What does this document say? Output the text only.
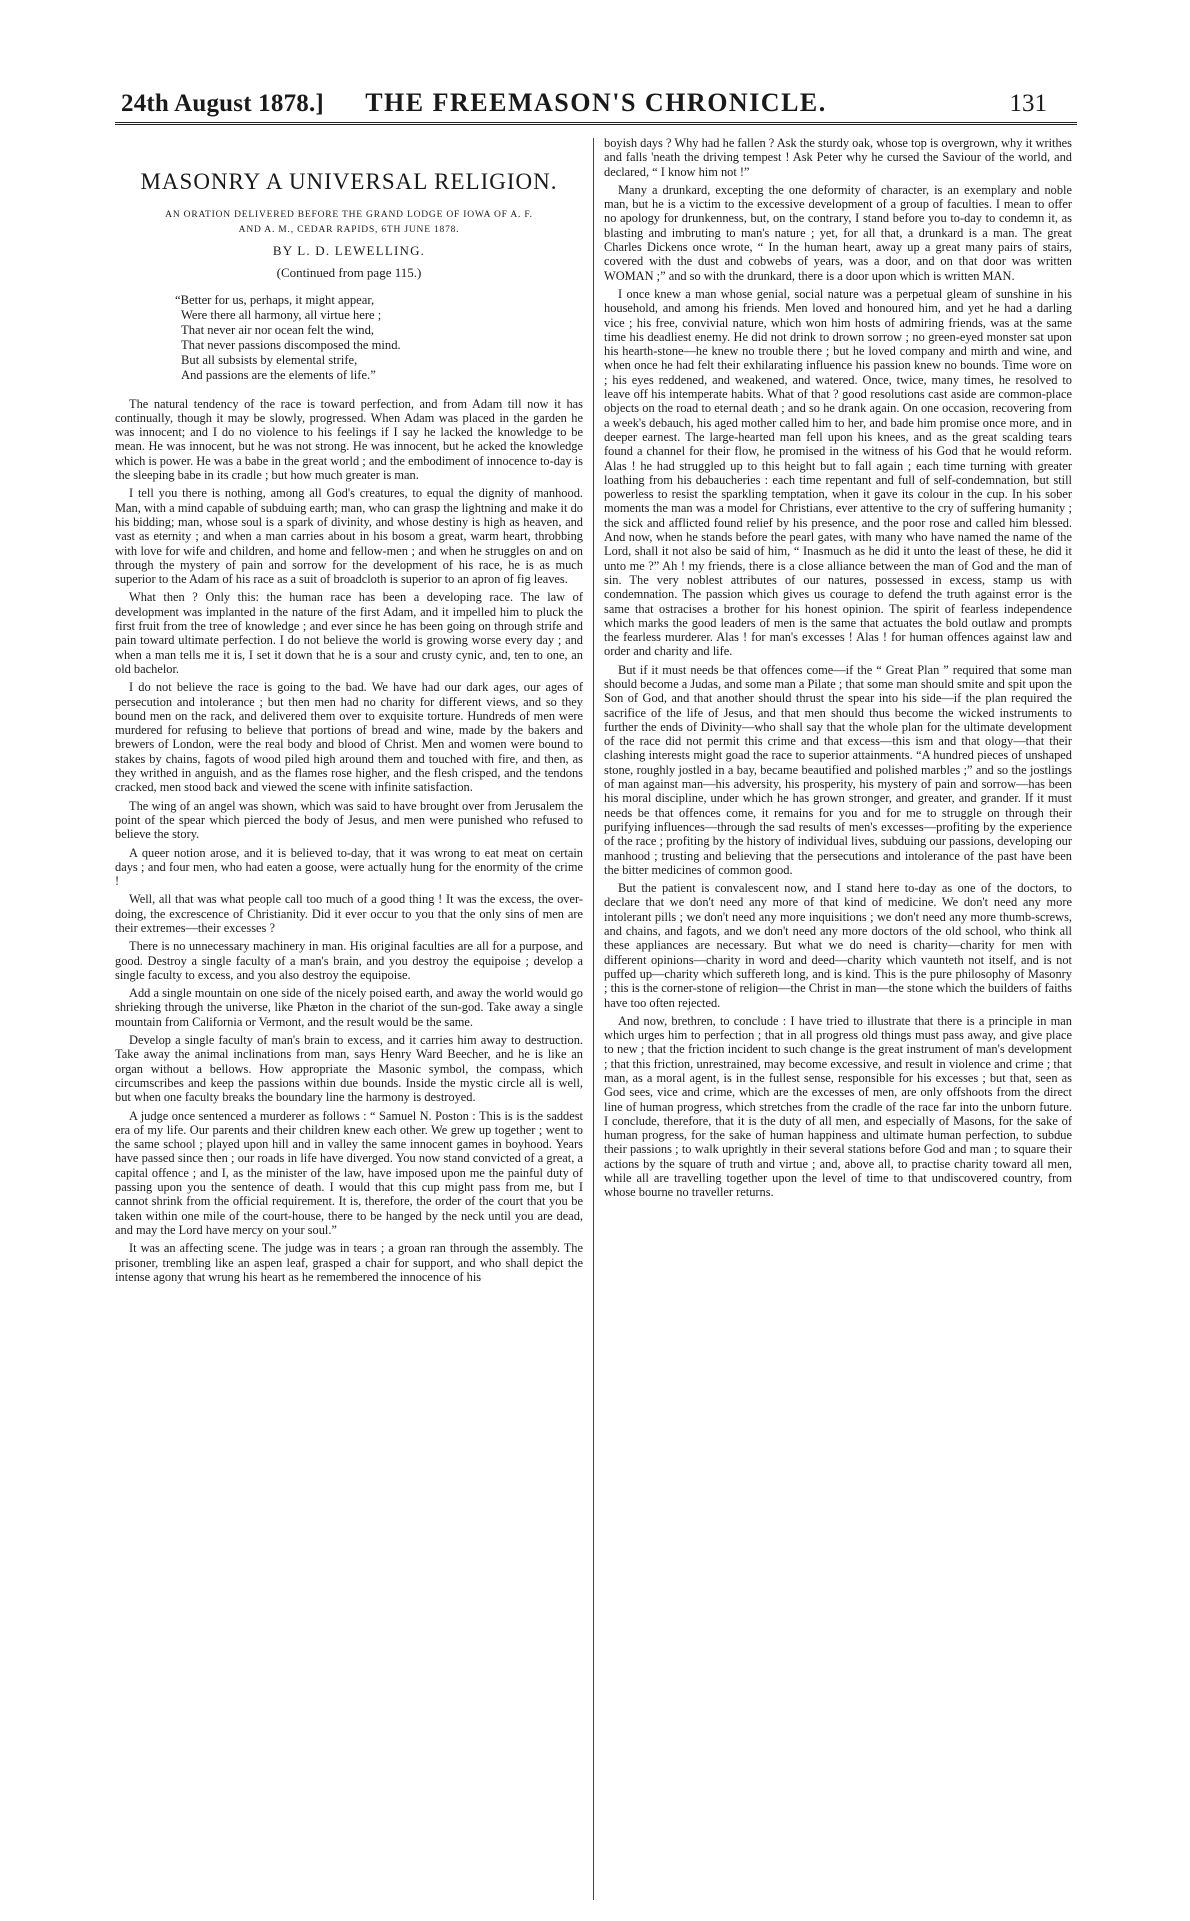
24th August 1878.]	THE FREEMASON'S CHRONICLE.	131
MASONRY A UNIVERSAL RELIGION.
AN ORATION DELIVERED BEFORE THE GRAND LODGE OF IOWA OF A. F.
AND A. M., CEDAR RAPIDS, 6TH JUNE 1878.
BY L. D. LEWELLING.
(Continued from page 115.)
“Better for us, perhaps, it might appear,
Were there all harmony, all virtue here ;
That never air nor ocean felt the wind,
That never passions discomposed the mind.
But all subsists by elemental strife,
And passions are the elements of life.”

The natural tendency of the race is toward perfection, and from Adam till now it has continually, though it may be slowly, progressed. When Adam was placed in the garden he was innocent; and I do no violence to his feelings if I say he lacked the knowledge to be mean. He was innocent, but he was not strong. He was innocent, but he acked the knowledge which is power. He was a babe in the great world ; and the embodiment of innocence to-day is the sleeping babe in its cradle ; but how much greater is man.

I tell you there is nothing, among all God's creatures, to equal the dignity of manhood. Man, with a mind capable of subduing earth; man, who can grasp the lightning and make it do his bidding; man, whose soul is a spark of divinity, and whose destiny is high as heaven, and vast as eternity ; and when a man carries about in his bosom a great, warm heart, throbbing with love for wife and children, and home and fellow-men ; and when he struggles on and on through the mystery of pain and sorrow for the development of his race, he is as much superior to the Adam of his race as a suit of broadcloth is superior to an apron of fig leaves.

What then ? Only this: the human race has been a developing race. The law of development was implanted in the nature of the first Adam, and it impelled him to pluck the first fruit from the tree of knowledge ; and ever since he has been going on through strife and pain toward ultimate perfection. I do not believe the world is growing worse every day ; and when a man tells me it is, I set it down that he is a sour and crusty cynic, and, ten to one, an old bachelor.

I do not believe the race is going to the bad. We have had our dark ages, our ages of persecution and intolerance ; but then men had no charity for different views, and so they bound men on the rack, and delivered them over to exquisite torture. Hundreds of men were murdered for refusing to believe that portions of bread and wine, made by the bakers and brewers of London, were the real body and blood of Christ. Men and women were bound to stakes by chains, fagots of wood piled high around them and touched with fire, and then, as they writhed in anguish, and as the flames rose higher, and the flesh crisped, and the tendons cracked, men stood back and viewed the scene with infinite satisfaction.

The wing of an angel was shown, which was said to have brought over from Jerusalem the point of the spear which pierced the body of Jesus, and men were punished who refused to believe the story.

A queer notion arose, and it is believed to-day, that it was wrong to eat meat on certain days ; and four men, who had eaten a goose, were actually hung for the enormity of the crime !

Well, all that was what people call too much of a good thing ! It was the excess, the over-doing, the excrescence of Christianity. Did it ever occur to you that the only sins of men are their extremes—their excesses ?

There is no unnecessary machinery in man. His original faculties are all for a purpose, and good. Destroy a single faculty of a man's brain, and you destroy the equipoise ; develop a single faculty to excess, and you also destroy the equipoise.

Add a single mountain on one side of the nicely poised earth, and away the world would go shrieking through the universe, like Phæton in the chariot of the sun-god. Take away a single mountain from California or Vermont, and the result would be the same.

Develop a single faculty of man's brain to excess, and it carries him away to destruction. Take away the animal inclinations from man, says Henry Ward Beecher, and he is like an organ without a bellows. How appropriate the Masonic symbol, the compass, which circumscribes and keep the passions within due bounds. Inside the mystic circle all is well, but when one faculty breaks the boundary line the harmony is destroyed.

A judge once sentenced a murderer as follows : “ Samuel N. Poston : This is is the saddest era of my life. Our parents and their children knew each other. We grew up together ; went to the same school ; played upon hill and in valley the same innocent games in boyhood. Years have passed since then ; our roads in life have diverged. You now stand convicted of a great, a capital offence ; and I, as the minister of the law, have imposed upon me the painful duty of passing upon you the sentence of death. I would that this cup might pass from me, but I cannot shrink from the official requirement. It is, therefore, the order of the court that you be taken within one mile of the court-house, there to be hanged by the neck until you are dead, and may the Lord have mercy on your soul.”

It was an affecting scene. The judge was in tears ; a groan ran through the assembly. The prisoner, trembling like an aspen leaf, grasped a chair for support, and who shall depict the intense agony that wrung his heart as he remembered the innocence of his

boyish days ? Why had he fallen ? Ask the sturdy oak, whose top is overgrown, why it writhes and falls 'neath the driving tempest ! Ask Peter why he cursed the Saviour of the world, and declared, “ I know him not !”

Many a drunkard, excepting the one deformity of character, is an exemplary and noble man, but he is a victim to the excessive development of a group of faculties. I mean to offer no apology for drunkenness, but, on the contrary, I stand before you to-day to condemn it, as blasting and imbruting to man's nature ; yet, for all that, a drunkard is a man. The great Charles Dickens once wrote, “ In the human heart, away up a great many pairs of stairs, covered with the dust and cobwebs of years, was a door, and on that door was written WOMAN ;” and so with the drunkard, there is a door upon which is written MAN.

I once knew a man whose genial, social nature was a perpetual gleam of sunshine in his household, and among his friends. Men loved and honoured him, and yet he had a darling vice ; his free, convivial nature, which won him hosts of admiring friends, was at the same time his deadliest enemy. He did not drink to drown sorrow ; no green-eyed monster sat upon his hearth-stone—he knew no trouble there ; but he loved company and mirth and wine, and when once he had felt their exhilarating influence his passion knew no bounds. Time wore on ; his eyes reddened, and weakened, and watered. Once, twice, many times, he resolved to leave off his intemperate habits. What of that ? good resolutions cast aside are common-place objects on the road to eternal death ; and so he drank again. On one occasion, recovering from a week's debauch, his aged mother called him to her, and bade him promise once more, and in deeper earnest. The large-hearted man fell upon his knees, and as the great scalding tears found a channel for their flow, he promised in the witness of his God that he would reform. Alas ! he had struggled up to this height but to fall again ; each time turning with greater loathing from his debaucheries : each time repentant and full of self-condemnation, but still powerless to resist the sparkling temptation, when it gave its colour in the cup. In his sober moments the man was a model for Christians, ever attentive to the cry of suffering humanity ; the sick and afflicted found relief by his presence, and the poor rose and called him blessed. And now, when he stands before the pearl gates, with many who have named the name of the Lord, shall it not also be said of him, “ Inasmuch as he did it unto the least of these, he did it unto me ?” Ah ! my friends, there is a close alliance between the man of God and the man of sin. The very noblest attributes of our natures, possessed in excess, stamp us with condemnation. The passion which gives us courage to defend the truth against error is the same that ostracises a brother for his honest opinion. The spirit of fearless independence which marks the good leaders of men is the same that actuates the bold outlaw and prompts the fearless murderer. Alas ! for man's excesses ! Alas ! for human offences against law and order and charity and life.

But if it must needs be that offences come—if the “ Great Plan ” required that some man should become a Judas, and some man a Pilate ; that some man should smite and spit upon the Son of God, and that another should thrust the spear into his side—if the plan required the sacrifice of the life of Jesus, and that men should thus become the wicked instruments to further the ends of Divinity—who shall say that the whole plan for the ultimate development of the race did not permit this crime and that excess—this ism and that ology—that their clashing interests might goad the race to superior attainments. “A hundred pieces of unshaped stone, roughly jostled in a bay, became beautified and polished marbles ;” and so the jostlings of man against man—his adversity, his prosperity, his mystery of pain and sorrow—has been his moral discipline, under which he has grown stronger, and greater, and grander. If it must needs be that offences come, it remains for you and for me to struggle on through their purifying influences—through the sad results of men's excesses—profiting by the experience of the race ; profiting by the history of individual lives, subduing our passions, developing our manhood ; trusting and believing that the persecutions and intolerance of the past have been the bitter medicines of common good.

But the patient is convalescent now, and I stand here to-day as one of the doctors, to declare that we don't need any more of that kind of medicine. We don't need any more intolerant pills ; we don't need any more inquisitions ; we don't need any more thumb-screws, and chains, and fagots, and we don't need any more doctors of the old school, who think all these appliances are necessary. But what we do need is charity—charity for men with different opinions—charity in word and deed—charity which vaunteth not itself, and is not puffed up—charity which suffereth long, and is kind. This is the pure philosophy of Masonry ; this is the corner-stone of religion—the Christ in man—the stone which the builders of faiths have too often rejected.

And now, brethren, to conclude : I have tried to illustrate that there is a principle in man which urges him to perfection ; that in all progress old things must pass away, and give place to new ; that the friction incident to such change is the great instrument of man's development ; that this friction, unrestrained, may become excessive, and result in violence and crime ; that man, as a moral agent, is in the fullest sense, responsible for his excesses ; but that, seen as God sees, vice and crime, which are the excesses of men, are only offshoots from the direct line of human progress, which stretches from the cradle of the race far into the unborn future. I conclude, therefore, that it is the duty of all men, and especially of Masons, for the sake of human progress, for the sake of human happiness and ultimate human perfection, to subdue their passions ; to walk uprightly in their several stations before God and man ; to square their actions by the square of truth and virtue ; and, above all, to practise charity toward all men, while all are travelling together upon the level of time to that undiscovered country, from whose bourne no traveller returns.
